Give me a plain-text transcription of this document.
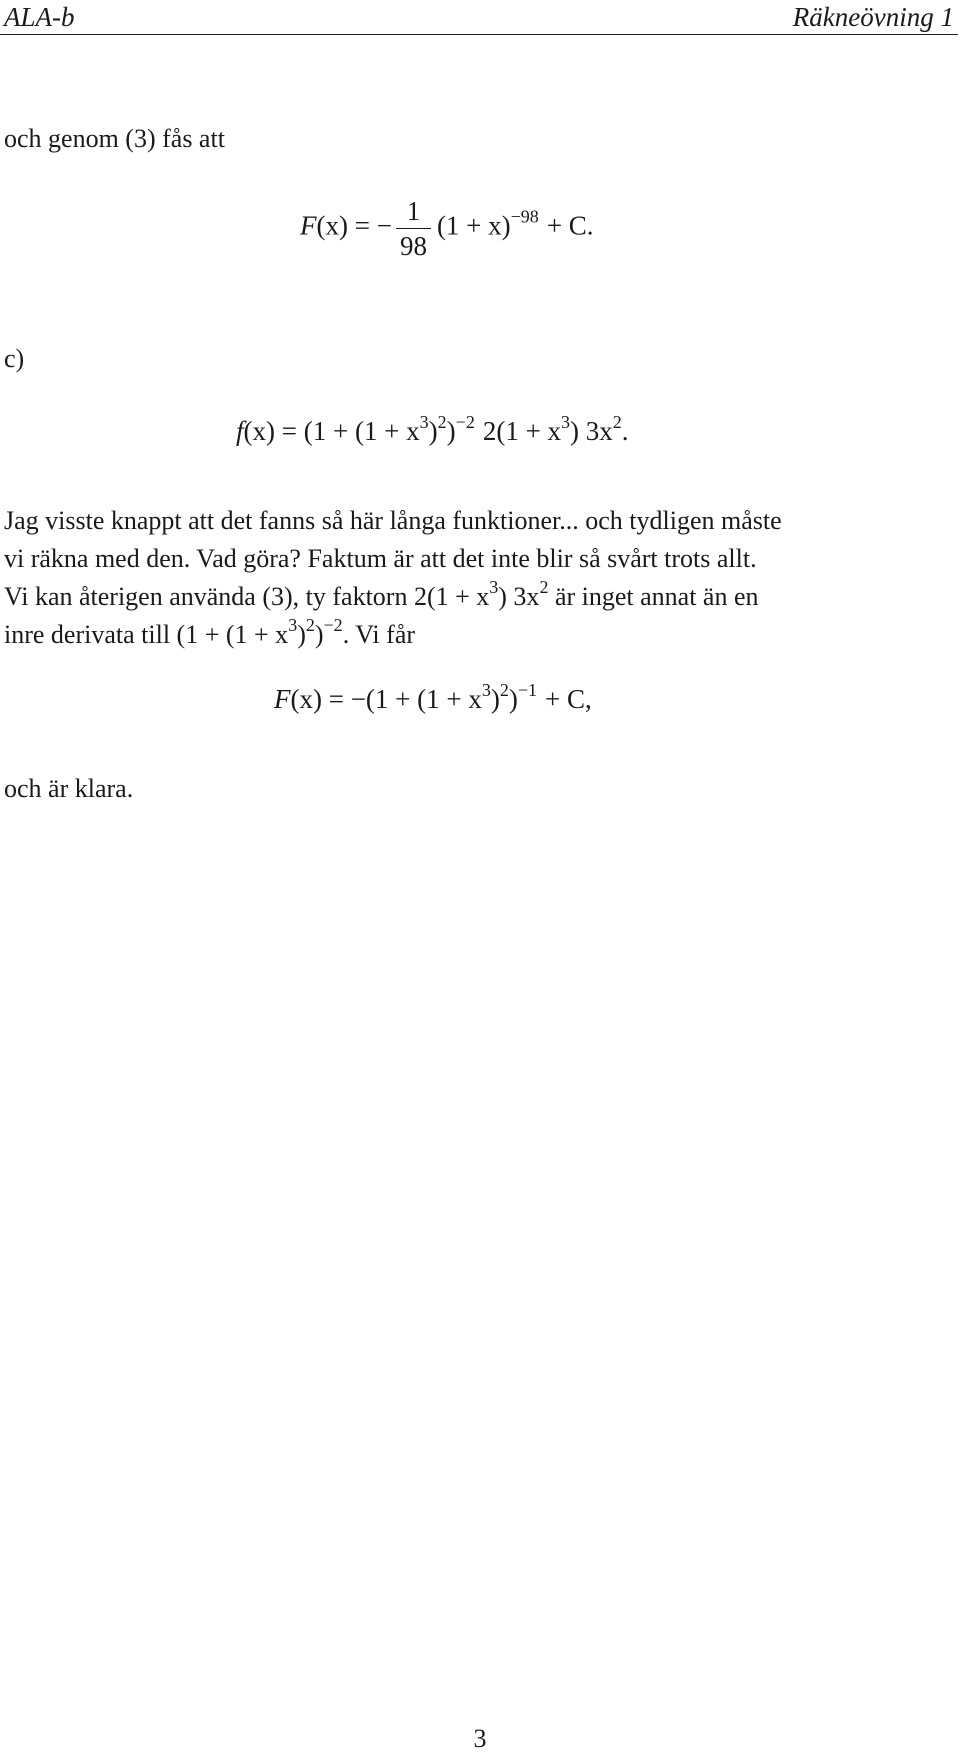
ALA-b	Räkneövning 1
och genom (3) fås att
F(x) = − $\frac{1}{98} (1 + x)^{-98} + C$.
c)
$f(x) = (1 + (1 + x^3)^2)^{-2}$ $2(1 + x^3)$ $3x^2$.
Jag visste knappt att det fanns så här långa funktioner... och tydligen måste
vi räkna med den. Vad göra? Faktum är att det inte blir så svårt trots allt.
Vi kan återigen använda (3), ty faktorn $2(1 + x^3)$ $3x^2$ är inget annat än en
inre derivata till $(1 + (1 + x^3)^2)^{-2}$. Vi får
$F(x) = -(1 + (1 + x^3)^2)^{-1} + C$,
och är klara.
3
